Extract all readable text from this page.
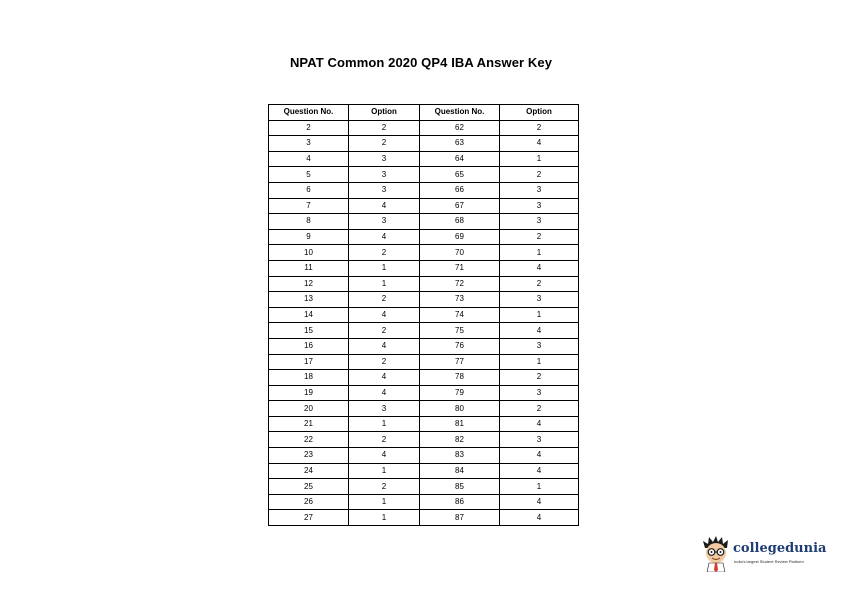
NPAT Common 2020 QP4 IBA Answer Key
Question No.	Option	Question No.	Option
2	2	62	2
3	2	63	4
4	3	64	1
5	3	65	2
6	3	66	3
7	4	67	3
8	3	68	3
9	4	69	2
10	2	70	1
11	1	71	4
12	1	72	2
13	2	73	3
14	4	74	1
15	2	75	4
16	4	76	3
17	2	77	1
18	4	78	2
19	4	79	3
20	3	80	2
21	1	81	4
22	2	82	3
23	4	83	4
24	1	84	4
25	2	85	1
26	1	86	4
27	1	87	4
collegedunia
India's largest Student Review Platform
